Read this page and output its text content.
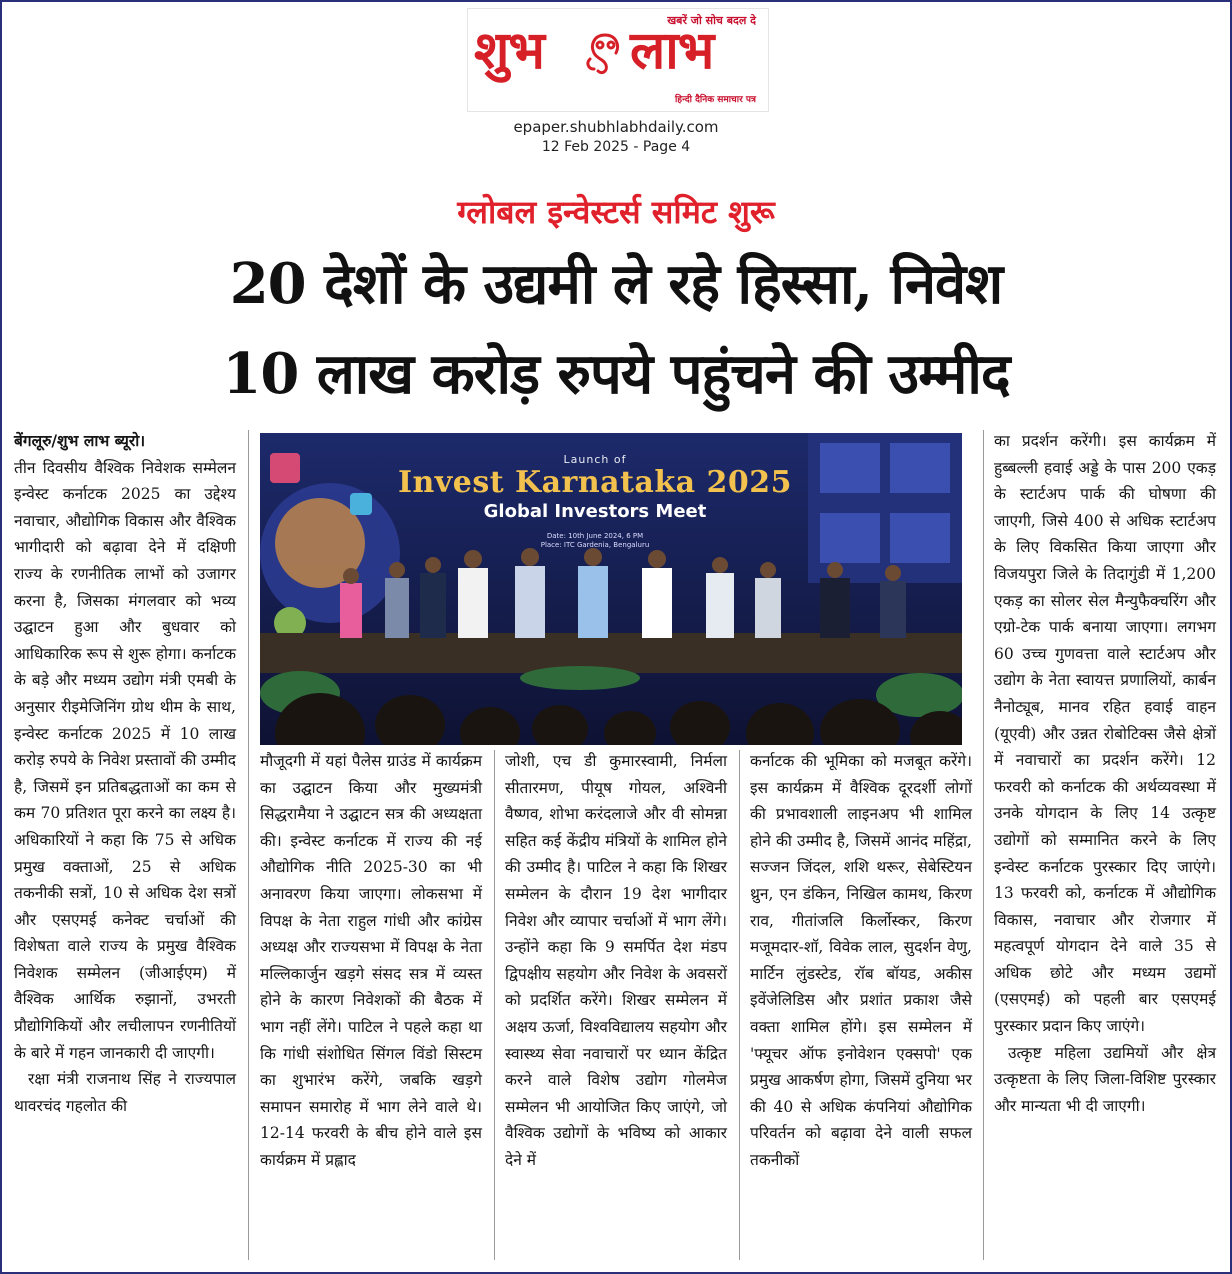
खबरें जो सोच बदल दे
शुभ लाभ
हिन्दी दैनिक समाचार पत्र
epaper.shubhlabhdaily.com
12 Feb 2025 - Page 4
ग्लोबल इन्वेस्टर्स समिट शुरू
20 देशों के उद्यमी ले रहे हिस्सा, निवेश
10 लाख करोड़ रुपये पहुंचने की उम्मीद
Launch of
Invest Karnataka 2025
Global Investors Meet
Date: 10th June 2024, 6 PM
Place: ITC Gardenia, Bengaluru
बेंगलूरु/शुभ लाभ ब्यूरो।

तीन दिवसीय वैश्विक निवेशक सम्मेलन इन्वेस्ट कर्नाटक 2025 का उद्देश्य नवाचार, औद्योगिक विकास और वैश्विक भागीदारी को बढ़ावा देने में दक्षिणी राज्य के रणनीतिक लाभों को उजागर करना है, जिसका मंगलवार को भव्य उद्घाटन हुआ और बुधवार को आधिकारिक रूप से शुरू होगा। कर्नाटक के बड़े और मध्यम उद्योग मंत्री एमबी के अनुसार रीइमेजिनिंग ग्रोथ थीम के साथ, इन्वेस्ट कर्नाटक 2025 में 10 लाख करोड़ रुपये के निवेश प्रस्तावों की उम्मीद है, जिसमें इन प्रतिबद्धताओं का कम से कम 70 प्रतिशत पूरा करने का लक्ष्य है। अधिकारियों ने कहा कि 75 से अधिक प्रमुख वक्ताओं, 25 से अधिक तकनीकी सत्रों, 10 से अधिक देश सत्रों और एसएमई कनेक्ट चर्चाओं की विशेषता वाले राज्य के प्रमुख वैश्विक निवेशक सम्मेलन (जीआईएम) में वैश्विक आर्थिक रुझानों, उभरती प्रौद्योगिकियों और लचीलापन रणनीतियों के बारे में गहन जानकारी दी जाएगी।

रक्षा मंत्री राजनाथ सिंह ने राज्यपाल थावरचंद गहलोत की

मौजूदगी में यहां पैलेस ग्राउंड में कार्यक्रम का उद्घाटन किया और मुख्यमंत्री सिद्धरामैया ने उद्घाटन सत्र की अध्यक्षता की। इन्वेस्ट कर्नाटक में राज्य की नई औद्योगिक नीति 2025-30 का भी अनावरण किया जाएगा। लोकसभा में विपक्ष के नेता राहुल गांधी और कांग्रेस अध्यक्ष और राज्यसभा में विपक्ष के नेता मल्लिकार्जुन खड़गे संसद सत्र में व्यस्त होने के कारण निवेशकों की बैठक में भाग नहीं लेंगे। पाटिल ने पहले कहा था कि गांधी संशोधित सिंगल विंडो सिस्टम का शुभारंभ करेंगे, जबकि खड़गे समापन समारोह में भाग लेने वाले थे। 12-14 फरवरी के बीच होने वाले इस कार्यक्रम में प्रह्लाद

जोशी, एच डी कुमारस्वामी, निर्मला सीतारमण, पीयूष गोयल, अश्विनी वैष्णव, शोभा करंदलाजे और वी सोमन्ना सहित कई केंद्रीय मंत्रियों के शामिल होने की उम्मीद है। पाटिल ने कहा कि शिखर सम्मेलन के दौरान 19 देश भागीदार निवेश और व्यापार चर्चाओं में भाग लेंगे। उन्होंने कहा कि 9 समर्पित देश मंडप द्विपक्षीय सहयोग और निवेश के अवसरों को प्रदर्शित करेंगे। शिखर सम्मेलन में अक्षय ऊर्जा, विश्वविद्यालय सहयोग और स्वास्थ्य सेवा नवाचारों पर ध्यान केंद्रित करने वाले विशेष उद्योग गोलमेज सम्मेलन भी आयोजित किए जाएंगे, जो वैश्विक उद्योगों के भविष्य को आकार देने में

कर्नाटक की भूमिका को मजबूत करेंगे। इस कार्यक्रम में वैश्विक दूरदर्शी लोगों की प्रभावशाली लाइनअप भी शामिल होने की उम्मीद है, जिसमें आनंद महिंद्रा, सज्जन जिंदल, शशि थरूर, सेबेस्टियन थ्रुन, एन डंकिन, निखिल कामथ, किरण राव, गीतांजलि किर्लोस्कर, किरण मजूमदार-शॉ, विवेक लाल, सुदर्शन वेणु, मार्टिन लुंडस्टेड, रॉब बॉयड, अकीस इवेंजेलिडिस और प्रशांत प्रकाश जैसे वक्ता शामिल होंगे। इस सम्मेलन में 'फ्यूचर ऑफ इनोवेशन एक्सपो' एक प्रमुख आकर्षण होगा, जिसमें दुनिया भर की 40 से अधिक कंपनियां औद्योगिक परिवर्तन को बढ़ावा देने वाली सफल तकनीकों

का प्रदर्शन करेंगी। इस कार्यक्रम में हुब्बल्ली हवाई अड्डे के पास 200 एकड़ के स्टार्टअप पार्क की घोषणा की जाएगी, जिसे 400 से अधिक स्टार्टअप के लिए विकसित किया जाएगा और विजयपुरा जिले के तिदागुंडी में 1,200 एकड़ का सोलर सेल मैन्युफैक्चरिंग और एग्रो-टेक पार्क बनाया जाएगा। लगभग 60 उच्च गुणवत्ता वाले स्टार्टअप और उद्योग के नेता स्वायत्त प्रणालियों, कार्बन नैनोट्यूब, मानव रहित हवाई वाहन (यूएवी) और उन्नत रोबोटिक्स जैसे क्षेत्रों में नवाचारों का प्रदर्शन करेंगे। 12 फरवरी को कर्नाटक की अर्थव्यवस्था में उनके योगदान के लिए 14 उत्कृष्ट उद्योगों को सम्मानित करने के लिए इन्वेस्ट कर्नाटक पुरस्कार दिए जाएंगे। 13 फरवरी को, कर्नाटक में औद्योगिक विकास, नवाचार और रोजगार में महत्वपूर्ण योगदान देने वाले 35 से अधिक छोटे और मध्यम उद्यमों (एसएमई) को पहली बार एसएमई पुरस्कार प्रदान किए जाएंगे।

उत्कृष्ट महिला उद्यमियों और क्षेत्र उत्कृष्टता के लिए जिला-विशिष्ट पुरस्कार और मान्यता भी दी जाएगी।
